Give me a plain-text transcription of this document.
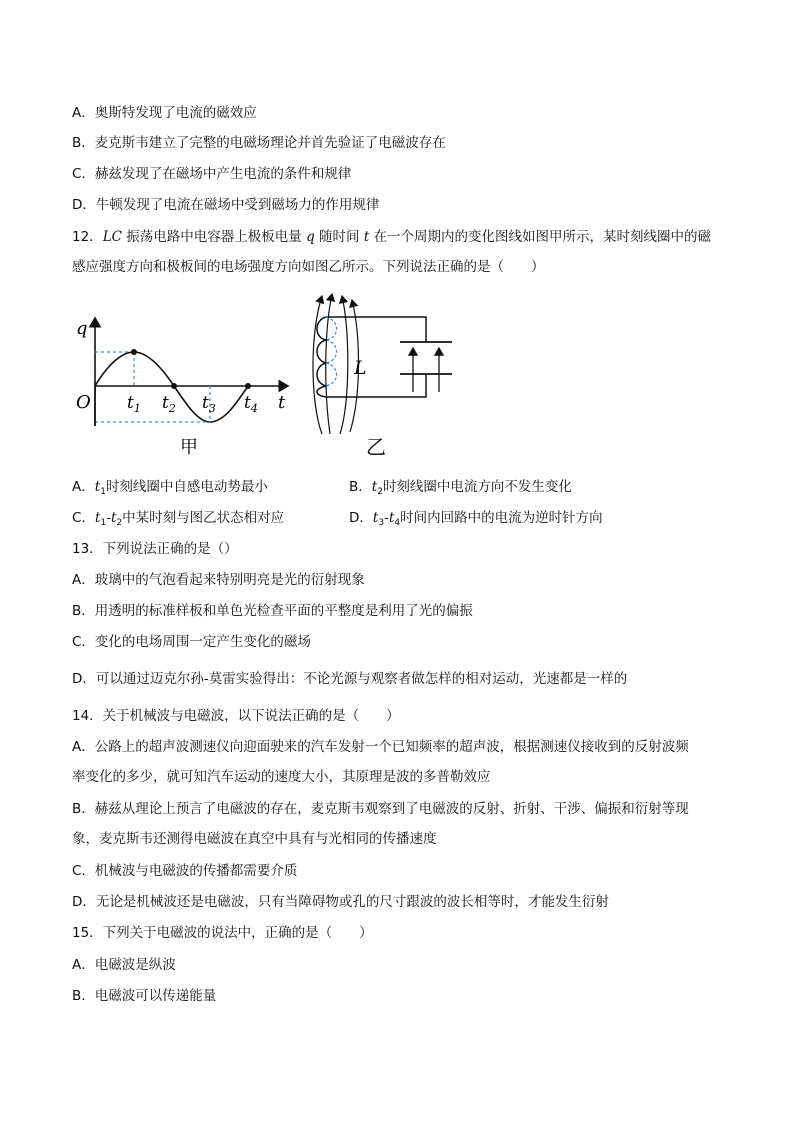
A．奥斯特发现了电流的磁效应
B．麦克斯韦建立了完整的电磁场理论并首先验证了电磁波存在
C．赫兹发现了在磁场中产生电流的条件和规律
D．牛顿发现了电流在磁场中受到磁场力的作用规律
12．LC 振荡电路中电容器上极板电量 q 随时间 t 在一个周期内的变化图线如图甲所示，某时刻线圈中的磁
感应强度方向和极板间的电场强度方向如图乙所示。下列说法正确的是（　　）
q
t
O $t_1$ $t_2$ $t_3$ $t_4$
甲
L
乙
A．$t_1$时刻线圈中自感电动势最小	B．$t_2$时刻线圈中电流方向不发生变化
C．$t_1-t_2$中某时刻与图乙状态相对应	D．$t_3-t_4$时间内回路中的电流为逆时针方向
13．下列说法正确的是（）
A．玻璃中的气泡看起来特别明亮是光的衍射现象
B．用透明的标准样板和单色光检查平面的平整度是利用了光的偏振
C．变化的电场周围一定产生变化的磁场
D．可以通过迈克尔孙-莫雷实验得出：不论光源与观察者做怎样的相对运动，光速都是一样的
14．关于机械波与电磁波，以下说法正确的是（　　）
A．公路上的超声波测速仪向迎面驶来的汽车发射一个已知频率的超声波，根据测速仪接收到的反射波频
率变化的多少，就可知汽车运动的速度大小，其原理是波的多普勒效应
B．赫兹从理论上预言了电磁波的存在，麦克斯韦观察到了电磁波的反射、折射、干涉、偏振和衍射等现
象，麦克斯韦还测得电磁波在真空中具有与光相同的传播速度
C．机械波与电磁波的传播都需要介质
D．无论是机械波还是电磁波，只有当障碍物或孔的尺寸跟波的波长相等时，才能发生衍射
15．下列关于电磁波的说法中，正确的是（　　）
A．电磁波是纵波
B．电磁波可以传递能量
